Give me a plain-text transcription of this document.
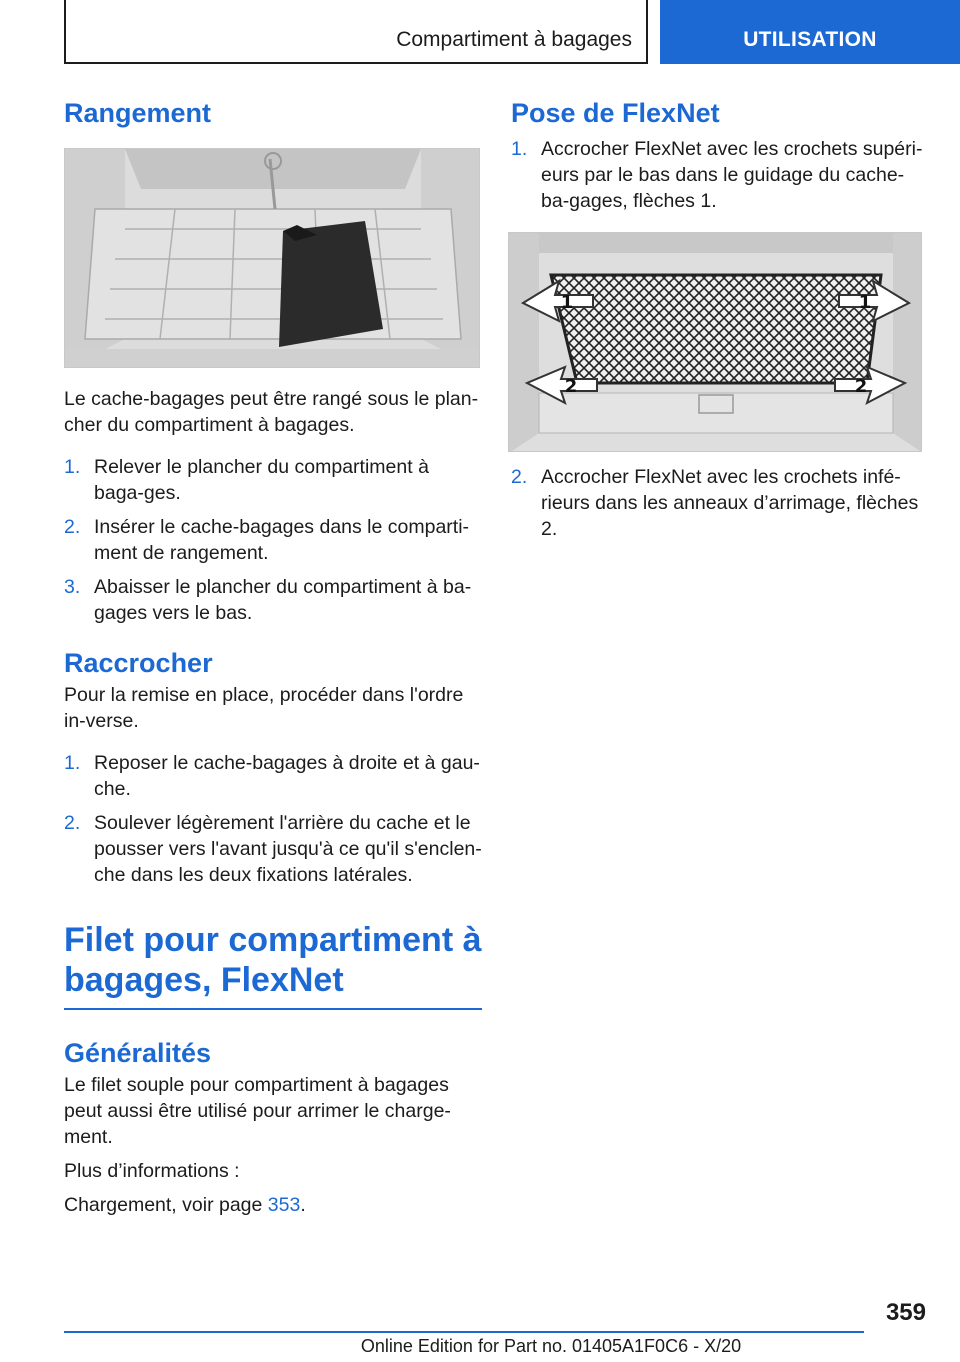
Compartiment à bagages	UTILISATION
Rangement

Le cache-bagages peut être rangé sous le plan-cher du compartiment à bagages.

1. Relever le plancher du compartiment à baga-ges.
2. Insérer le cache-bagages dans le comparti-ment de rangement.
3. Abaisser le plancher du compartiment à ba-gages vers le bas.
Raccrocher

Pour la remise en place, procéder dans l'ordre in-verse.

1. Reposer le cache-bagages à droite et à gau-che.
2. Soulever légèrement l'arrière du cache et le pousser vers l'avant jusqu'à ce qu'il s'enclen-che dans les deux fixations latérales.
Filet pour compartiment à bagages, FlexNet
Généralités

Le filet souple pour compartiment à bagages peut aussi être utilisé pour arrimer le charge-ment.

Plus d’informations :

Chargement, voir page 353.

Pose de FlexNet
1. Accrocher FlexNet avec les crochets supéri-eurs par le bas dans le guidage du cache-ba-gages, flèches 1.
1	1
2	2
2. Accrocher FlexNet avec les crochets infé-rieurs dans les anneaux d’arrimage, flèches 2.
359
Online Edition for Part no. 01405A1F0C6 - X/20
